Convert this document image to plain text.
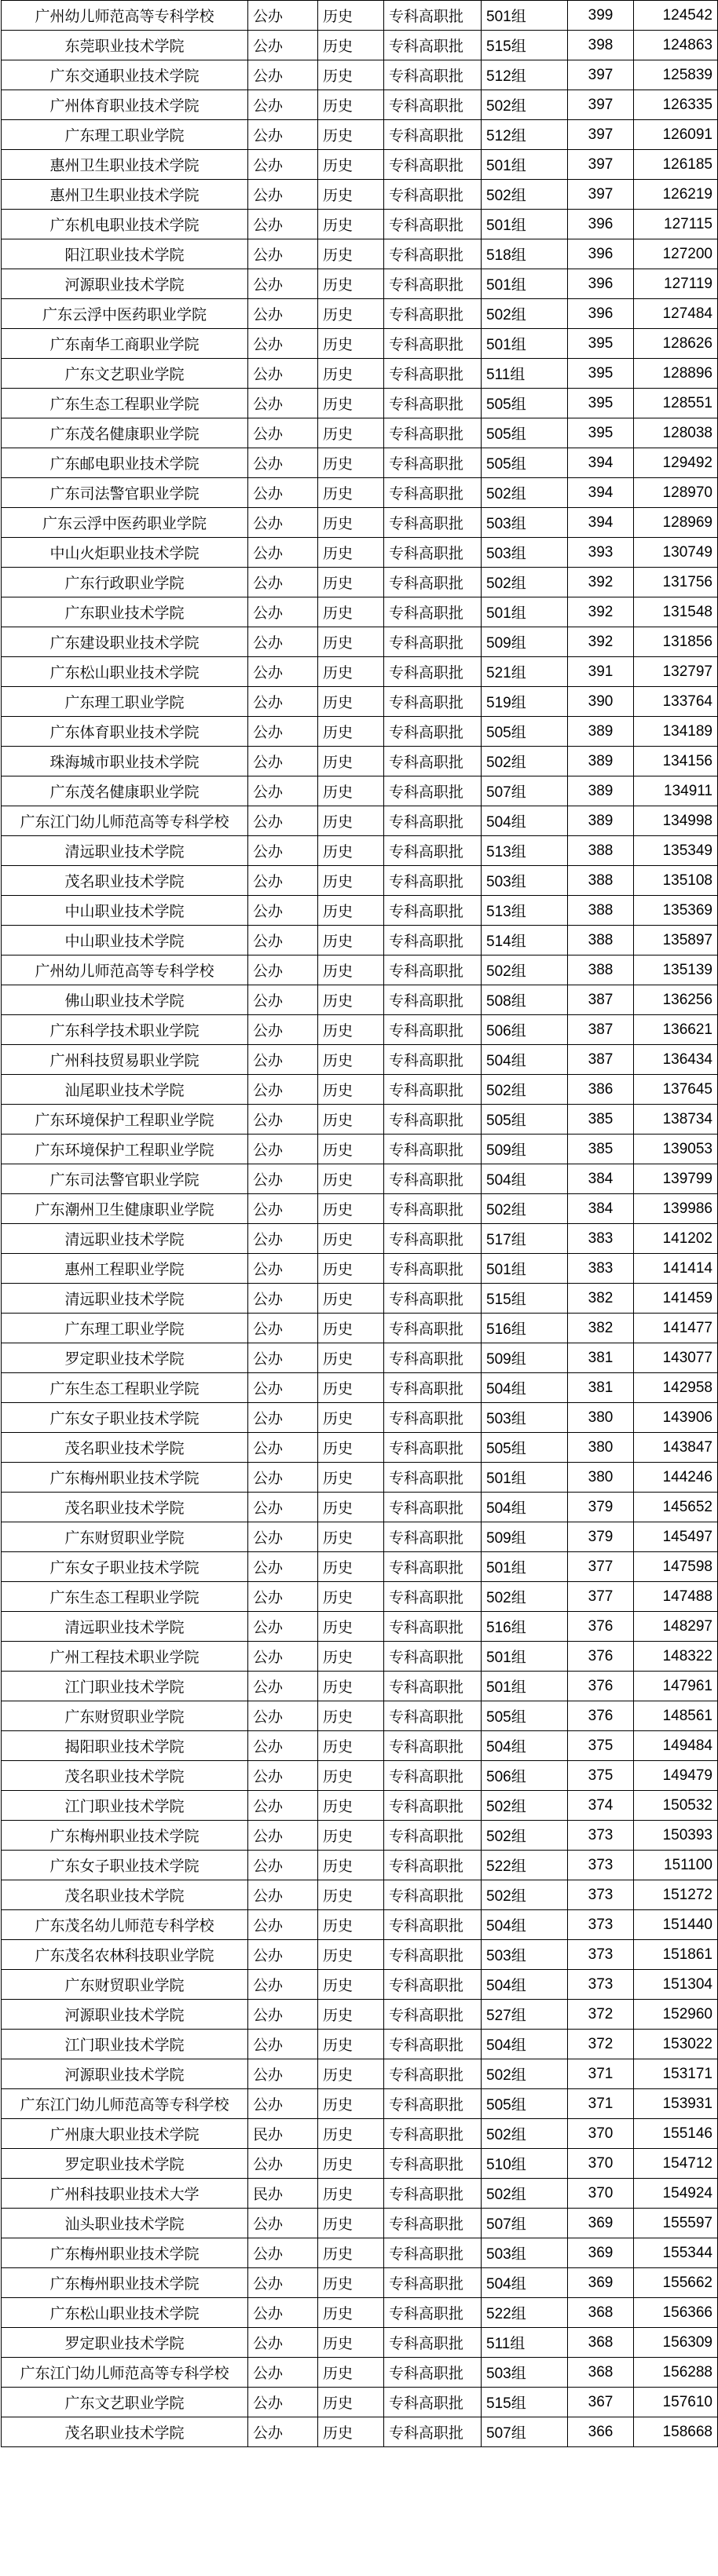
广州幼儿师范高等专科学校	公办	历史	专科高职批	501组	399	124542
东莞职业技术学院	公办	历史	专科高职批	515组	398	124863
广东交通职业技术学院	公办	历史	专科高职批	512组	397	125839
广州体育职业技术学院	公办	历史	专科高职批	502组	397	126335
广东理工职业学院	公办	历史	专科高职批	512组	397	126091
惠州卫生职业技术学院	公办	历史	专科高职批	501组	397	126185
惠州卫生职业技术学院	公办	历史	专科高职批	502组	397	126219
广东机电职业技术学院	公办	历史	专科高职批	501组	396	127115
阳江职业技术学院	公办	历史	专科高职批	518组	396	127200
河源职业技术学院	公办	历史	专科高职批	501组	396	127119
广东云浮中医药职业学院	公办	历史	专科高职批	502组	396	127484
广东南华工商职业学院	公办	历史	专科高职批	501组	395	128626
广东文艺职业学院	公办	历史	专科高职批	511组	395	128896
广东生态工程职业学院	公办	历史	专科高职批	505组	395	128551
广东茂名健康职业学院	公办	历史	专科高职批	505组	395	128038
广东邮电职业技术学院	公办	历史	专科高职批	505组	394	129492
广东司法警官职业学院	公办	历史	专科高职批	502组	394	128970
广东云浮中医药职业学院	公办	历史	专科高职批	503组	394	128969
中山火炬职业技术学院	公办	历史	专科高职批	503组	393	130749
广东行政职业学院	公办	历史	专科高职批	502组	392	131756
广东职业技术学院	公办	历史	专科高职批	501组	392	131548
广东建设职业技术学院	公办	历史	专科高职批	509组	392	131856
广东松山职业技术学院	公办	历史	专科高职批	521组	391	132797
广东理工职业学院	公办	历史	专科高职批	519组	390	133764
广东体育职业技术学院	公办	历史	专科高职批	505组	389	134189
珠海城市职业技术学院	公办	历史	专科高职批	502组	389	134156
广东茂名健康职业学院	公办	历史	专科高职批	507组	389	134911
广东江门幼儿师范高等专科学校	公办	历史	专科高职批	504组	389	134998
清远职业技术学院	公办	历史	专科高职批	513组	388	135349
茂名职业技术学院	公办	历史	专科高职批	503组	388	135108
中山职业技术学院	公办	历史	专科高职批	513组	388	135369
中山职业技术学院	公办	历史	专科高职批	514组	388	135897
广州幼儿师范高等专科学校	公办	历史	专科高职批	502组	388	135139
佛山职业技术学院	公办	历史	专科高职批	508组	387	136256
广东科学技术职业学院	公办	历史	专科高职批	506组	387	136621
广州科技贸易职业学院	公办	历史	专科高职批	504组	387	136434
汕尾职业技术学院	公办	历史	专科高职批	502组	386	137645
广东环境保护工程职业学院	公办	历史	专科高职批	505组	385	138734
广东环境保护工程职业学院	公办	历史	专科高职批	509组	385	139053
广东司法警官职业学院	公办	历史	专科高职批	504组	384	139799
广东潮州卫生健康职业学院	公办	历史	专科高职批	502组	384	139986
清远职业技术学院	公办	历史	专科高职批	517组	383	141202
惠州工程职业学院	公办	历史	专科高职批	501组	383	141414
清远职业技术学院	公办	历史	专科高职批	515组	382	141459
广东理工职业学院	公办	历史	专科高职批	516组	382	141477
罗定职业技术学院	公办	历史	专科高职批	509组	381	143077
广东生态工程职业学院	公办	历史	专科高职批	504组	381	142958
广东女子职业技术学院	公办	历史	专科高职批	503组	380	143906
茂名职业技术学院	公办	历史	专科高职批	505组	380	143847
广东梅州职业技术学院	公办	历史	专科高职批	501组	380	144246
茂名职业技术学院	公办	历史	专科高职批	504组	379	145652
广东财贸职业学院	公办	历史	专科高职批	509组	379	145497
广东女子职业技术学院	公办	历史	专科高职批	501组	377	147598
广东生态工程职业学院	公办	历史	专科高职批	502组	377	147488
清远职业技术学院	公办	历史	专科高职批	516组	376	148297
广州工程技术职业学院	公办	历史	专科高职批	501组	376	148322
江门职业技术学院	公办	历史	专科高职批	501组	376	147961
广东财贸职业学院	公办	历史	专科高职批	505组	376	148561
揭阳职业技术学院	公办	历史	专科高职批	504组	375	149484
茂名职业技术学院	公办	历史	专科高职批	506组	375	149479
江门职业技术学院	公办	历史	专科高职批	502组	374	150532
广东梅州职业技术学院	公办	历史	专科高职批	502组	373	150393
广东女子职业技术学院	公办	历史	专科高职批	522组	373	151100
茂名职业技术学院	公办	历史	专科高职批	502组	373	151272
广东茂名幼儿师范专科学校	公办	历史	专科高职批	504组	373	151440
广东茂名农林科技职业学院	公办	历史	专科高职批	503组	373	151861
广东财贸职业学院	公办	历史	专科高职批	504组	373	151304
河源职业技术学院	公办	历史	专科高职批	527组	372	152960
江门职业技术学院	公办	历史	专科高职批	504组	372	153022
河源职业技术学院	公办	历史	专科高职批	502组	371	153171
广东江门幼儿师范高等专科学校	公办	历史	专科高职批	505组	371	153931
广州康大职业技术学院	民办	历史	专科高职批	502组	370	155146
罗定职业技术学院	公办	历史	专科高职批	510组	370	154712
广州科技职业技术大学	民办	历史	专科高职批	502组	370	154924
汕头职业技术学院	公办	历史	专科高职批	507组	369	155597
广东梅州职业技术学院	公办	历史	专科高职批	503组	369	155344
广东梅州职业技术学院	公办	历史	专科高职批	504组	369	155662
广东松山职业技术学院	公办	历史	专科高职批	522组	368	156366
罗定职业技术学院	公办	历史	专科高职批	511组	368	156309
广东江门幼儿师范高等专科学校	公办	历史	专科高职批	503组	368	156288
广东文艺职业学院	公办	历史	专科高职批	515组	367	157610
茂名职业技术学院	公办	历史	专科高职批	507组	366	158668
